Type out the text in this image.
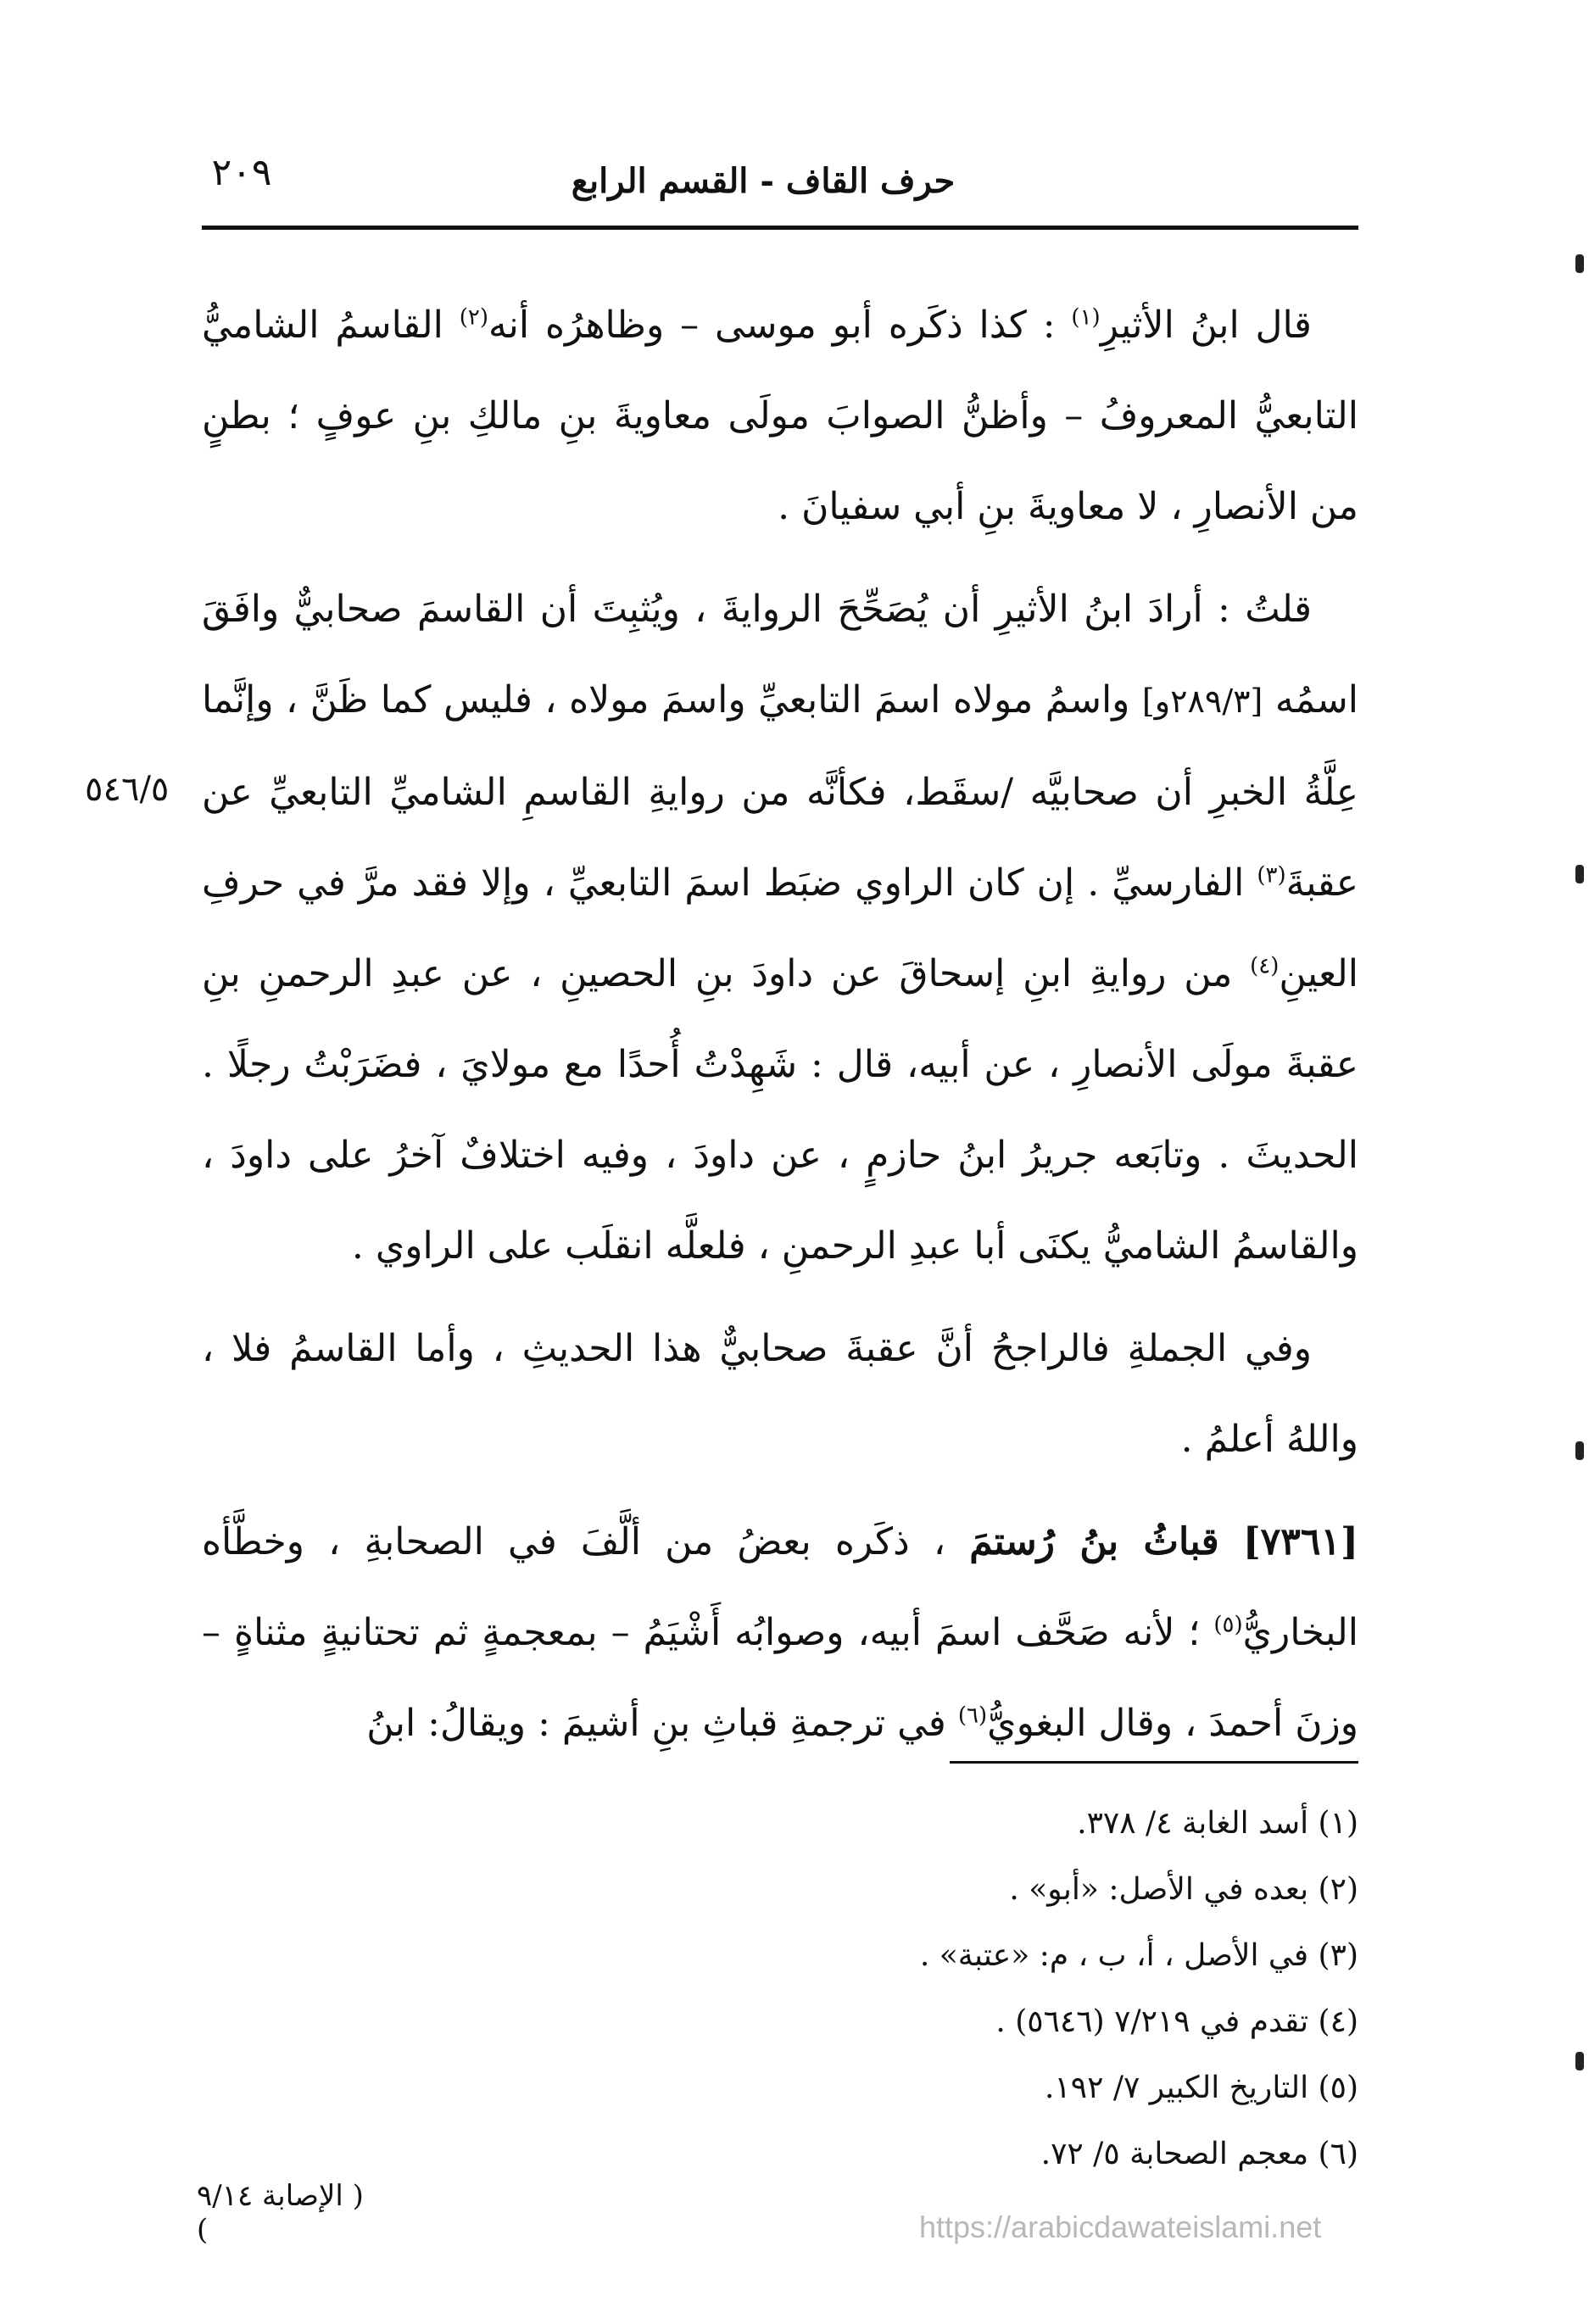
٢٠٩	حرف القاف - القسم الرابع

قال ابنُ الأثيرِ$^{(١)}$ : كذا ذكَره أبو موسى – وظاهرُه أنه$^{(٢)}$ القاسمُ الشاميُّ التابعيُّ المعروفُ – وأظنُّ الصوابَ مولَى معاويةَ بنِ مالكِ بنِ عوفٍ ؛ بطنٍ من الأنصارِ ، لا معاويةَ بنِ أبي سفيانَ .

قلتُ : أرادَ ابنُ الأثيرِ أن يُصَحِّحَ الروايةَ ، ويُثبِتَ أن القاسمَ صحابيٌّ وافَقَ اسمُه [٢٨٩/٣و] واسمُ مولاه اسمَ التابعيِّ واسمَ مولاه ، فليس كما ظَنَّ ، وإنَّما عِلَّةُ الخبرِ أن صحابيَّه /سقَط، فكأنَّه من روايةِ القاسمِ الشاميِّ التابعيِّ عن عقبةَ$^{(٣)}$ الفارسيِّ . إن كان الراوي ضبَط اسمَ التابعيِّ ، وإلا فقد مرَّ في حرفِ العينِ$^{(٤)}$ من روايةِ ابنِ إسحاقَ عن داودَ بنِ الحصينِ ، عن عبدِ الرحمنِ بنِ عقبةَ مولَى الأنصارِ ، عن أبيه، قال : شَهِدْتُ أُحدًا مع مولايَ ، فضَرَبْتُ رجلًا . الحديثَ . وتابَعه جريرُ ابنُ حازمٍ ، عن داودَ ، وفيه اختلافٌ آخرُ على داودَ ، والقاسمُ الشاميُّ يكنَى أبا عبدِ الرحمنِ ، فلعلَّه انقلَب على الراوي .

وفي الجملةِ فالراجحُ أنَّ عقبةَ صحابيٌّ هذا الحديثِ ، وأما القاسمُ فلا ، واللهُ أعلمُ .

[٧٣٦١] قباثُ بنُ رُستمَ ، ذكَره بعضُ من ألَّفَ في الصحابةِ ، وخطَّأه البخاريُّ$^{(٥)}$ ؛ لأنه صَحَّف اسمَ أبيه، وصوابُه أَشْيَمُ – بمعجمةٍ ثم تحتانيةٍ مثناةٍ – وزنَ أحمدَ ، وقال البغويُّ$^{(٦)}$ في ترجمةِ قباثِ بنِ أشيمَ : ويقالُ: ابنُ

٥٤٦/٥
(١) أسد الغابة ٤/ ٣٧٨.
(٢) بعده في الأصل: «أبو» .
(٣) في الأصل ، أ، ب ، م: «عتبة» .
(٤) تقدم في ٧/٢١٩ (٥٦٤٦) .
(٥) التاريخ الكبير ٧/ ١٩٢.
(٦) معجم الصحابة ٥/ ٧٢.
( الإصابة ٩/١٤ )	https://arabicdawateislami.net
